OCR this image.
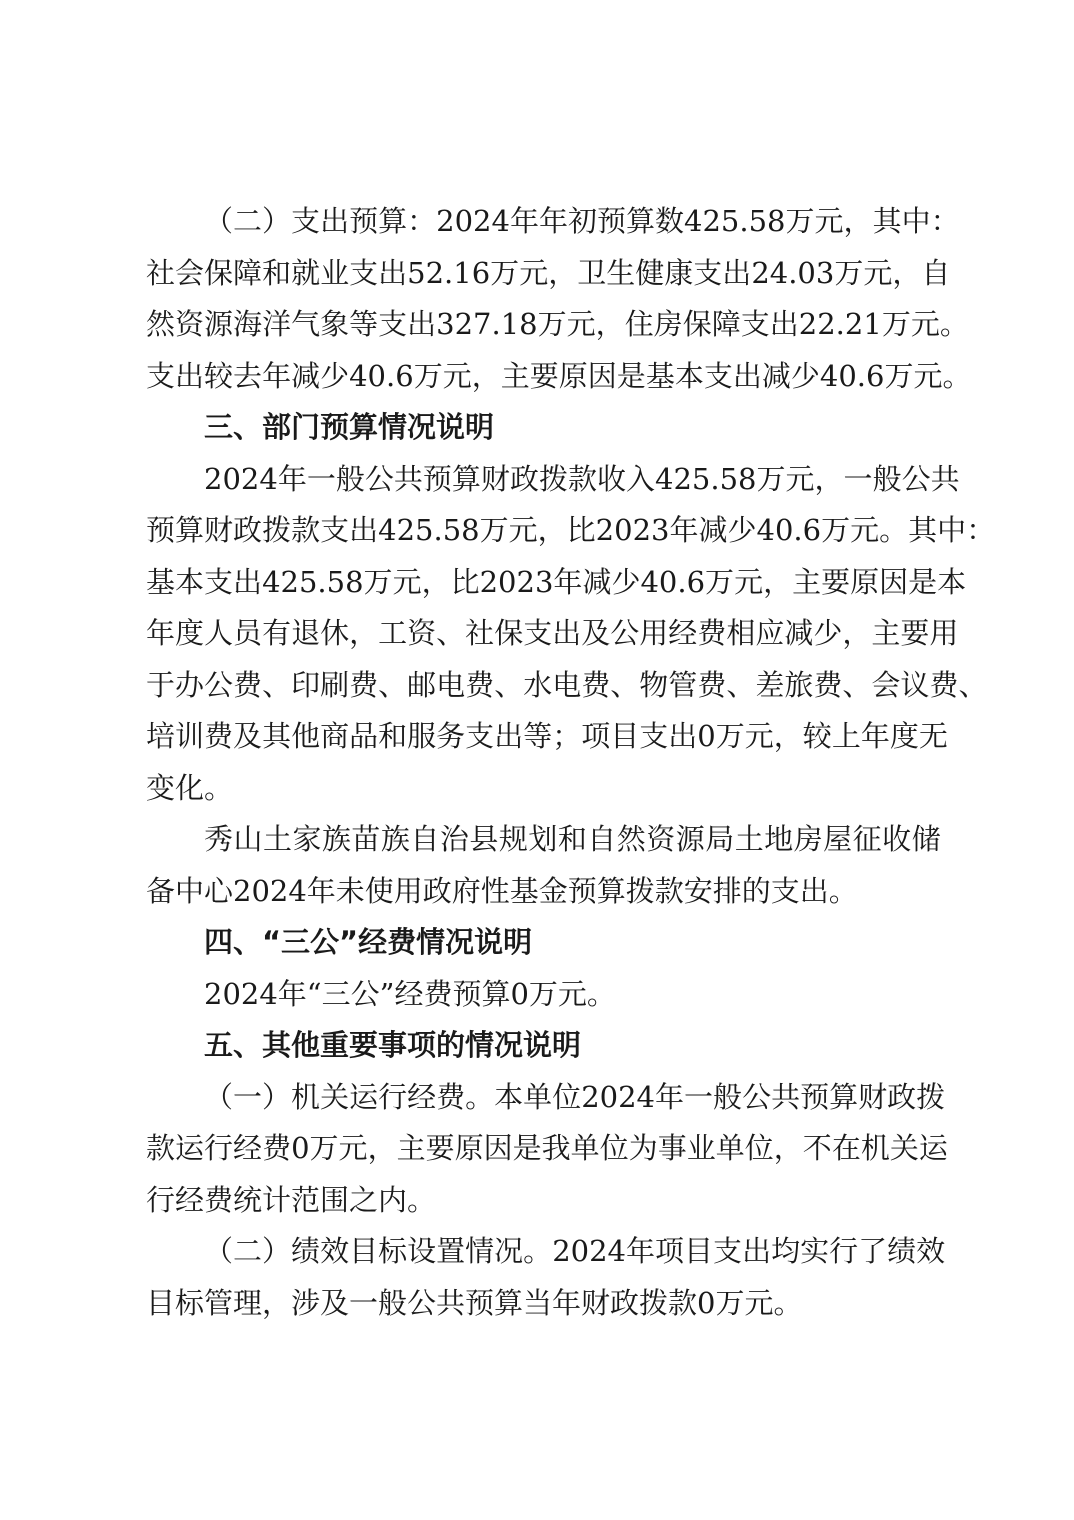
（ 二 ） 支 出 预 算 ： 2024 年 年 初 预 算 数 425.58 万 元 ， 其 中 ：
社 会 保 障 和 就 业 支 出 52.16 万 元 ， 卫 生 健 康 支 出 24.03 万 元 ， 自
然 资 源 海 洋 气 象 等 支 出 327.18 万 元 ， 住 房 保 障 支 出 22.21 万 元 。
支 出 较 去 年 减 少 40.6 万 元 ， 主 要 原 因 是 基 本 支 出 减 少 40.6 万 元 。
三、部门预算情况说明
2024 年 一 般 公 共 预 算 财 政 拨 款 收 入 425.58 万 元 ， 一 般 公 共
预 算 财 政 拨 款 支 出 425.58 万 元 ， 比 2023 年 减 少 40.6 万 元 。 其 中 ：
基 本 支 出 425.58 万 元 ， 比 2023 年 减 少 40.6 万 元 ， 主 要 原 因 是 本
年 度 人 员 有 退 休 ， 工 资 、 社 保 支 出 及 公 用 经 费 相 应 减 少 ， 主 要 用
于 办 公 费 、 印 刷 费 、 邮 电 费 、 水 电 费 、 物 管 费 、 差 旅 费 、 会 议 费 、
培 训 费 及 其 他 商 品 和 服 务 支 出 等 ； 项 目 支 出 0 万 元 ， 较 上 年 度 无
变化。
秀 山 土 家 族 苗 族 自 治 县 规 划 和 自 然 资 源 局 土 地 房 屋 征 收 储
备中心2024年未使用政府性基金预算拨款安排的支出。
四、“三公”经费情况说明
2024年“三公”经费预算0万元。
五、其他重要事项的情况说明
（ 一 ） 机 关 运 行 经 费 。 本 单 位 2024 年 一 般 公 共 预 算 财 政 拨
款 运 行 经 费 0 万 元 ， 主 要 原 因 是 我 单 位 为 事 业 单 位 ， 不 在 机 关 运
行经费统计范围之内。
（ 二 ） 绩 效 目 标 设 置 情 况 。 2024 年 项 目 支 出 均 实 行 了 绩 效
目标管理，涉及一般公共预算当年财政拨款0万元。
